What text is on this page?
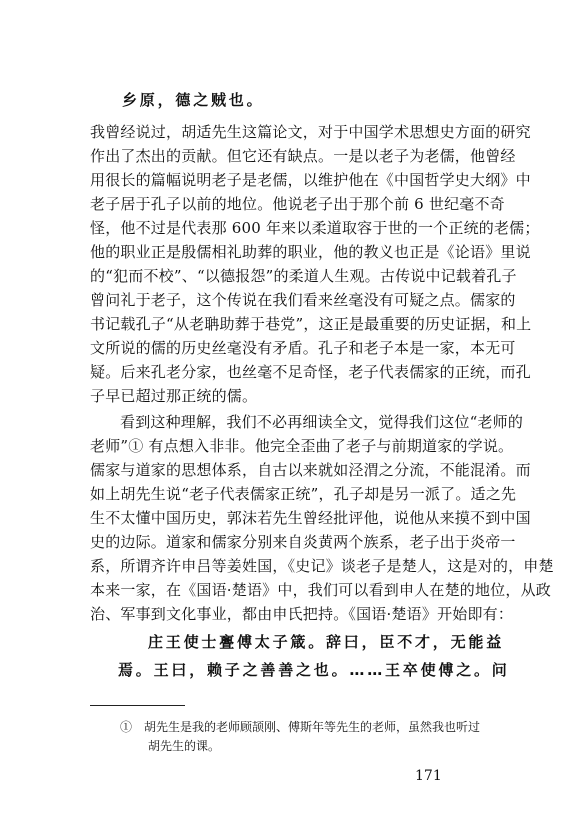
乡原，德之贼也。
我曾经说过，胡适先生这篇论文，对于中国学术思想史方面的研究
作出了杰出的贡献。但它还有缺点。一是以老子为老儒，他曾经
用很长的篇幅说明老子是老儒，以维护他在《中国哲学史大纲》中
老子居于孔子以前的地位。他说老子出于那个前 6 世纪毫不奇
怪，他不过是代表那 600 年来以柔道取容于世的一个正统的老儒；
他的职业正是殷儒相礼助葬的职业，他的教义也正是《论语》里说
的“犯而不校”、“以德报怨”的柔道人生观。古传说中记载着孔子
曾问礼于老子，这个传说在我们看来丝毫没有可疑之点。儒家的
书记载孔子“从老聃助葬于巷党”，这正是最重要的历史证据，和上
文所说的儒的历史丝毫没有矛盾。孔子和老子本是一家，本无可
疑。后来孔老分家，也丝毫不足奇怪，老子代表儒家的正统，而孔
子早已超过那正统的儒。
看到这种理解，我们不必再细读全文，觉得我们这位“老师的
老师”① 有点想入非非。他完全歪曲了老子与前期道家的学说。
儒家与道家的思想体系，自古以来就如泾渭之分流，不能混淆。而
如上胡先生说“老子代表儒家正统”，孔子却是另一派了。适之先
生不太懂中国历史，郭沫若先生曾经批评他，说他从来摸不到中国
史的边际。道家和儒家分别来自炎黄两个族系，老子出于炎帝一
系，所谓齐许申吕等姜姓国，《史记》谈老子是楚人，这是对的，申楚
本来一家，在《国语·楚语》中，我们可以看到申人在楚的地位，从政
治、军事到文化事业，都由申氏把持。《国语·楚语》开始即有：
庄王使士亹傅太子箴。辞曰，臣不才，无能益
焉。王曰，赖子之善善之也。……王卒使傅之。问
①　胡先生是我的老师顾颉刚、傅斯年等先生的老师，虽然我也听过
胡先生的课。
171
